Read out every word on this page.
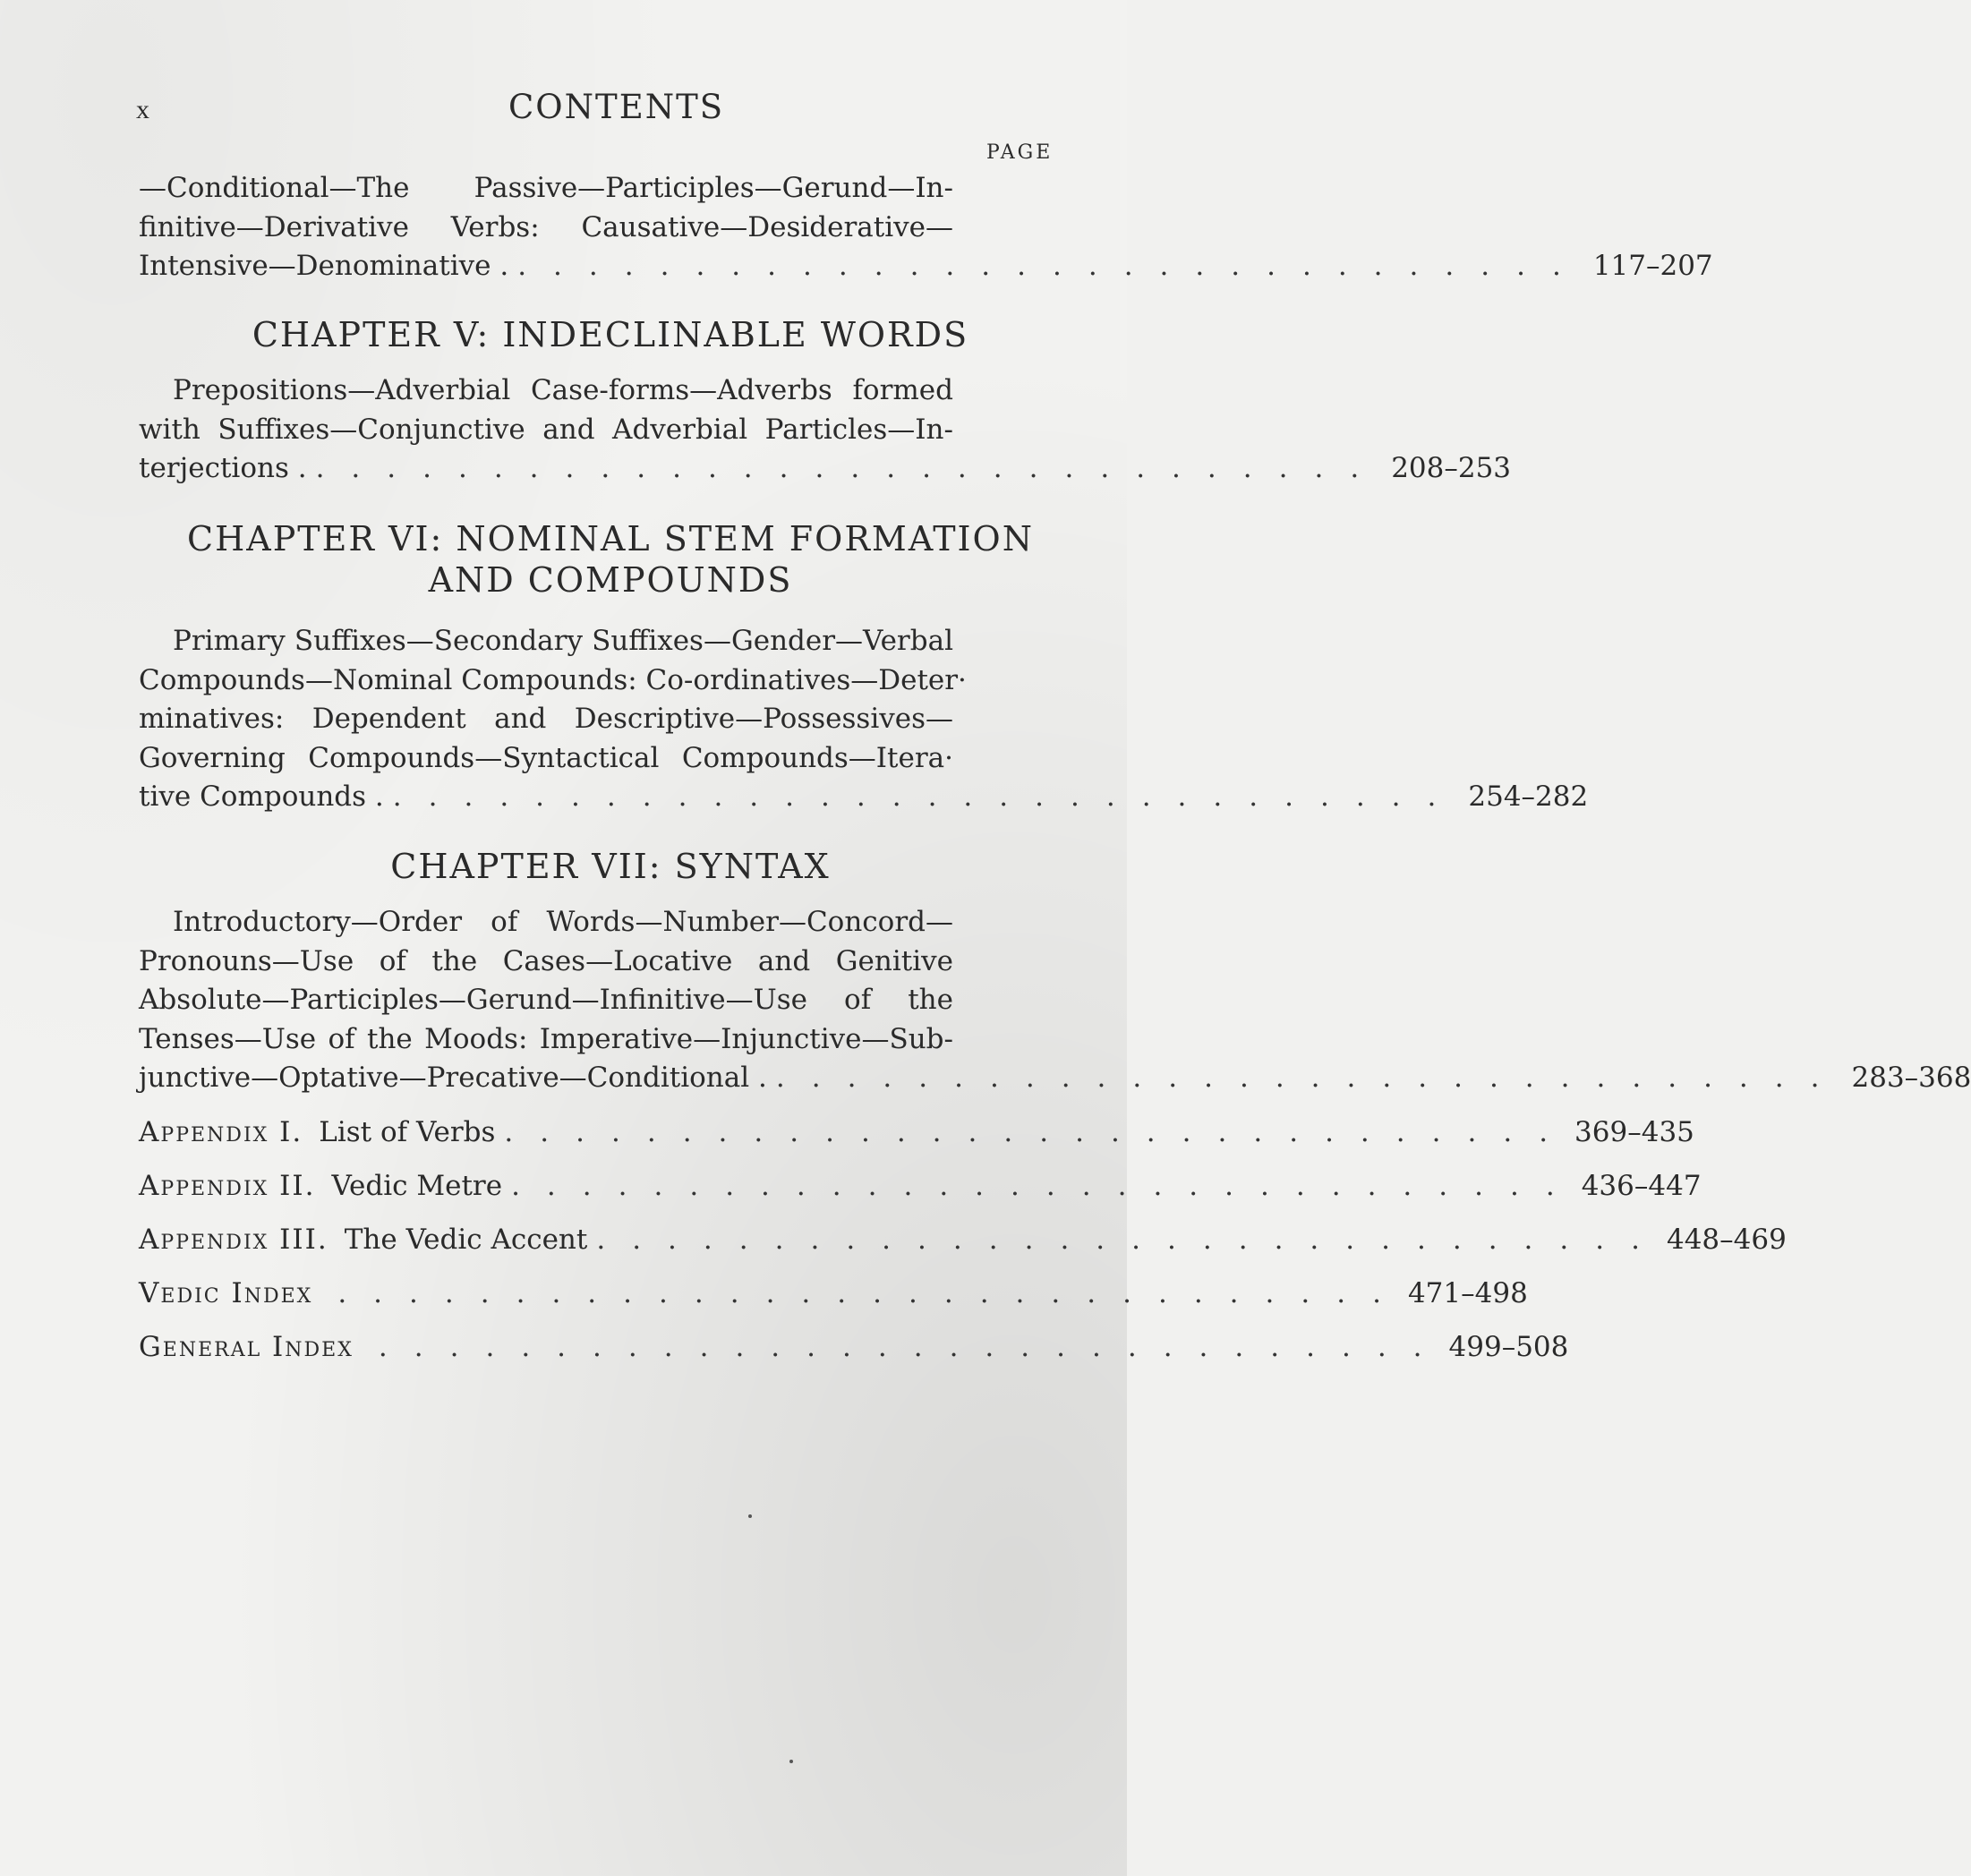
x	CONTENTS
PAGE
—Conditional—The Passive—Participles—Gerund—In-
finitive—Derivative Verbs: Causative—Desiderative—
Intensive—Denominative . .............................. 117–207
CHAPTER V: INDECLINABLE WORDS
Prepositions—Adverbial Case-forms—Adverbs formed
with Suffixes—Conjunctive and Adverbial Particles—In-
terjections . .............................. 208–253
CHAPTER VI: NOMINAL STEM FORMATION
AND COMPOUNDS
Primary Suffixes—Secondary Suffixes—Gender—Verbal
Compounds—Nominal Compounds: Co-ordinatives—Deter·
minatives: Dependent and Descriptive—Possessives—
Governing Compounds—Syntactical Compounds—Itera·
tive Compounds . .............................. 254–282
CHAPTER VII: SYNTAX
Introductory—Order of Words—Number—Concord—
Pronouns—Use of the Cases—Locative and Genitive
Absolute—Participles—Gerund—Infinitive—Use of the
Tenses—Use of the Moods: Imperative—Injunctive—Sub-
junctive—Optative—Precative—Conditional . .............................. 283–368
Appendix I. List of Verbs .............................. 369–435
Appendix II. Vedic Metre .............................. 436–447
Appendix III. The Vedic Accent .............................. 448–469
Vedic Index .............................. 471–498
General Index .............................. 499–508
